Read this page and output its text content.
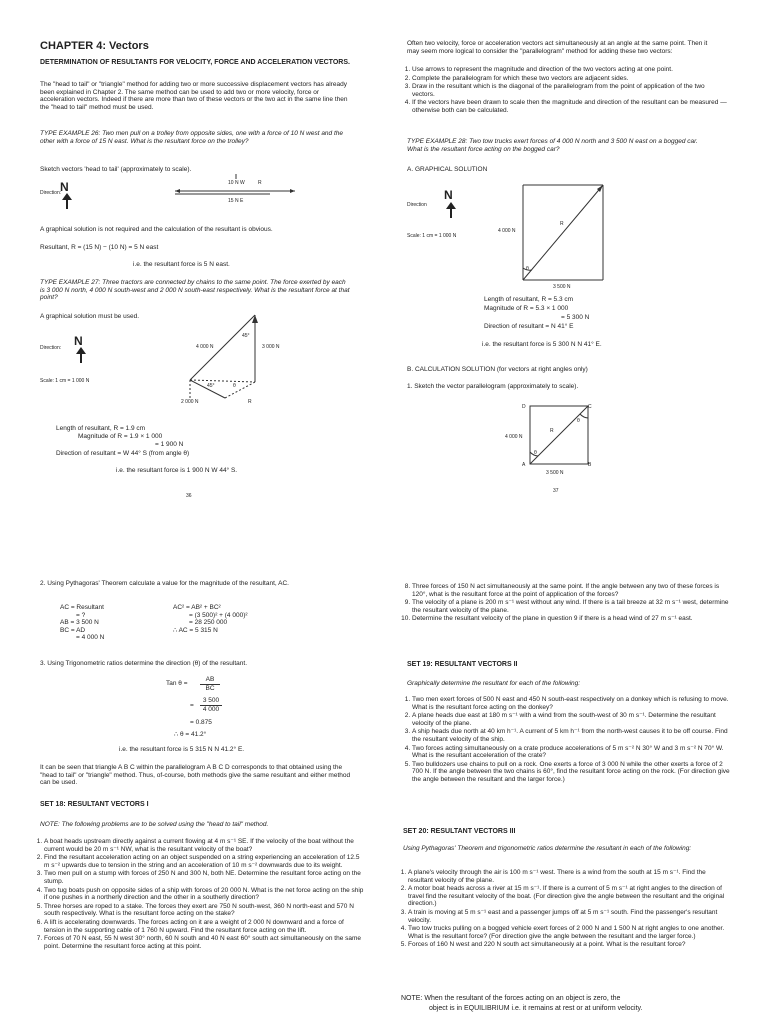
CHAPTER 4: Vectors
DETERMINATION OF RESULTANTS FOR VELOCITY, FORCE AND ACCELERATION VECTORS.
The "head to tail" or "triangle" method for adding two or more successive displacement vectors has already been explained in Chapter 2. The same method can be used to add two or more velocity, force or acceleration vectors. Indeed if there are more than two of these vectors or the two act in the same line then the "head to tail" method must be used.
TYPE EXAMPLE 26: Two men pull on a trolley from opposite sides, one with a force of 10 N west and the other with a force of 15 N east. What is the resultant force on the trolley?
Sketch vectors 'head to tail' (approximately to scale).
Direction:
N	10 N W	R
15 N E
A graphical solution is not required and the calculation of the resultant is obvious.
Resultant, R = (15 N) − (10 N) = 5 N east
i.e. the resultant force is 5 N east.
TYPE EXAMPLE 27: Three tractors are connected by chains to the same point. The force exerted by each is 3 000 N north, 4 000 N south-west and 2 000 N south-east respectively. What is the resultant force at that point?
A graphical solution must be used.
Direction: N	4 000 N	3 000 N
45°
45°	θ
2 000 N	R
Scale: 1 cm = 1 000 N
Length of resultant, R = 1.9 cm
Magnitude of R = 1.9 × 1 000
= 1 900 N
Direction of resultant = W 44° S (from angle θ)
i.e. the resultant force is 1 900 N W 44° S.
36
Often two velocity, force or acceleration vectors act simultaneously at an angle at the same point. Then it may seem more logical to consider the "parallelogram" method for adding these two vectors:
1. Use arrows to represent the magnitude and direction of the two vectors acting at one point.
2. Complete the parallelogram for which these two vectors are adjacent sides.
3. Draw in the resultant which is the diagonal of the parallelogram from the point of application of the two vectors.
4. If the vectors have been drawn to scale then the magnitude and direction of the resultant can be measured — otherwise both can be calculated.
TYPE EXAMPLE 28: Two tow trucks exert forces of 4 000 N north and 3 500 N east on a bogged car. What is the resultant force acting on the bogged car?
A. GRAPHICAL SOLUTION
Direction
N
Scale: 1 cm = 1 000 N
4 000 N
R
θ
3 500 N
Length of resultant, R = 5.3 cm
Magnitude of R = 5.3 × 1 000
= 5 300 N
Direction of resultant = N 41° E
i.e. the resultant force is 5 300 N N 41° E.
B. CALCULATION SOLUTION (for vectors at right angles only)
1. Sketch the vector parallelogram (approximately to scale).
D	C
A	B
4 000 N
R
θ
θ
3 500 N
37
2. Using Pythagoras' Theorem calculate a value for the magnitude of the resultant, AC.
AC = Resultant
= ?
AB = 3 500 N
BC = AD
= 4 000 N
AC² = AB² + BC²
= (3 500)² + (4 000)²
= 28 250 000
∴ AC = 5 315 N
3. Using Trigonometric ratios determine the direction (θ) of the resultant.
Tan $\theta = \frac{AB}{BC}$
= $\frac{3 500}{4 000}$
= 0.875
∴ θ = 41.2°
i.e. the resultant force is 5 315 N N 41.2° E.
It can be seen that triangle A B C within the parallelogram A B C D corresponds to that obtained using the "head to tail" or "triangle" method. Thus, of-course, both methods give the same resultant and either method can be used.
SET 18: RESULTANT VECTORS I
NOTE: The following problems are to be solved using the "head to tail" method.
1. A boat heads upstream directly against a current flowing at 4 m s⁻¹ SE. If the velocity of the boat without the current would be 20 m s⁻¹ NW, what is the resultant velocity of the boat?
2. Find the resultant acceleration acting on an object suspended on a string experiencing an acceleration of 12.5 m s⁻² upwards due to tension in the string and an acceleration of 10 m s⁻² downwards due to its weight.
3. Two men pull on a stump with forces of 250 N and 300 N, both NE. Determine the resultant force acting on the stump.
4. Two tug boats push on opposite sides of a ship with forces of 20 000 N. What is the net force acting on the ship if one pushes in a northerly direction and the other in a southerly direction?
5. Three horses are roped to a stake. The forces they exert are 750 N south-west, 360 N north-east and 570 N south respectively. What is the resultant force acting on the stake?
6. A lift is accelerating downwards. The forces acting on it are a weight of 2 000 N downward and a force of tension in the supporting cable of 1 760 N upward. Find the resultant force acting on the lift.
7. Forces of 70 N east, 55 N west 30° north, 60 N south and 40 N east 60° south act simultaneously on the same point. Determine the resultant force acting at this point.
8. Three forces of 150 N act simultaneously at the same point. If the angle between any two of these forces is 120°, what is the resultant force at the point of application of the forces?
9. The velocity of a plane is 200 m s⁻¹ west without any wind. If there is a tail breeze at 32 m s⁻¹ west, determine the resultant velocity of the plane.
10. Determine the resultant velocity of the plane in question 9 if there is a head wind of 27 m s⁻¹ east.
SET 19: RESULTANT VECTORS II
Graphically determine the resultant for each of the following:
1. Two men exert forces of 500 N east and 450 N south-east respectively on a donkey which is refusing to move. What is the resultant force acting on the donkey?
2. A plane heads due east at 180 m s⁻¹ with a wind from the south-west of 30 m s⁻¹. Determine the resultant velocity of the plane.
3. A ship heads due north at 40 km h⁻¹. A current of 5 km h⁻¹ from the north-west causes it to be off course. Find the resultant velocity of the ship.
4. Two forces acting simultaneously on a crate produce accelerations of 5 m s⁻² N 30° W and 3 m s⁻² N 70° W. What is the resultant acceleration of the crate?
5. Two bulldozers use chains to pull on a rock. One exerts a force of 3 000 N while the other exerts a force of 2 700 N. If the angle between the two chains is 60°, find the resultant force acting on the rock. (For direction give the angle between the resultant and the larger force.)
SET 20: RESULTANT VECTORS III
Using Pythagoras' Theorem and trigonometric ratios determine the resultant in each of the following:
1. A plane's velocity through the air is 100 m s⁻¹ west. There is a wind from the south at 15 m s⁻¹. Find the resultant velocity of the plane.
2. A motor boat heads across a river at 15 m s⁻¹. If there is a current of 5 m s⁻¹ at right angles to the direction of travel find the resultant velocity of the boat. (For direction give the angle between the resultant and the original direction.)
3. A train is moving at 5 m s⁻¹ east and a passenger jumps off at 5 m s⁻¹ south. Find the passenger's resultant velocity.
4. Two tow trucks pulling on a bogged vehicle exert forces of 2 000 N and 1 500 N at right angles to one another. What is the resultant force? (For direction give the angle between the resultant and the larger force.)
5. Forces of 160 N west and 220 N south act simultaneously at a point. What is the resultant force?
NOTE: When the resultant of the forces acting on an object is zero, the
object is in EQUILIBRIUM i.e. it remains at rest or at uniform velocity.
